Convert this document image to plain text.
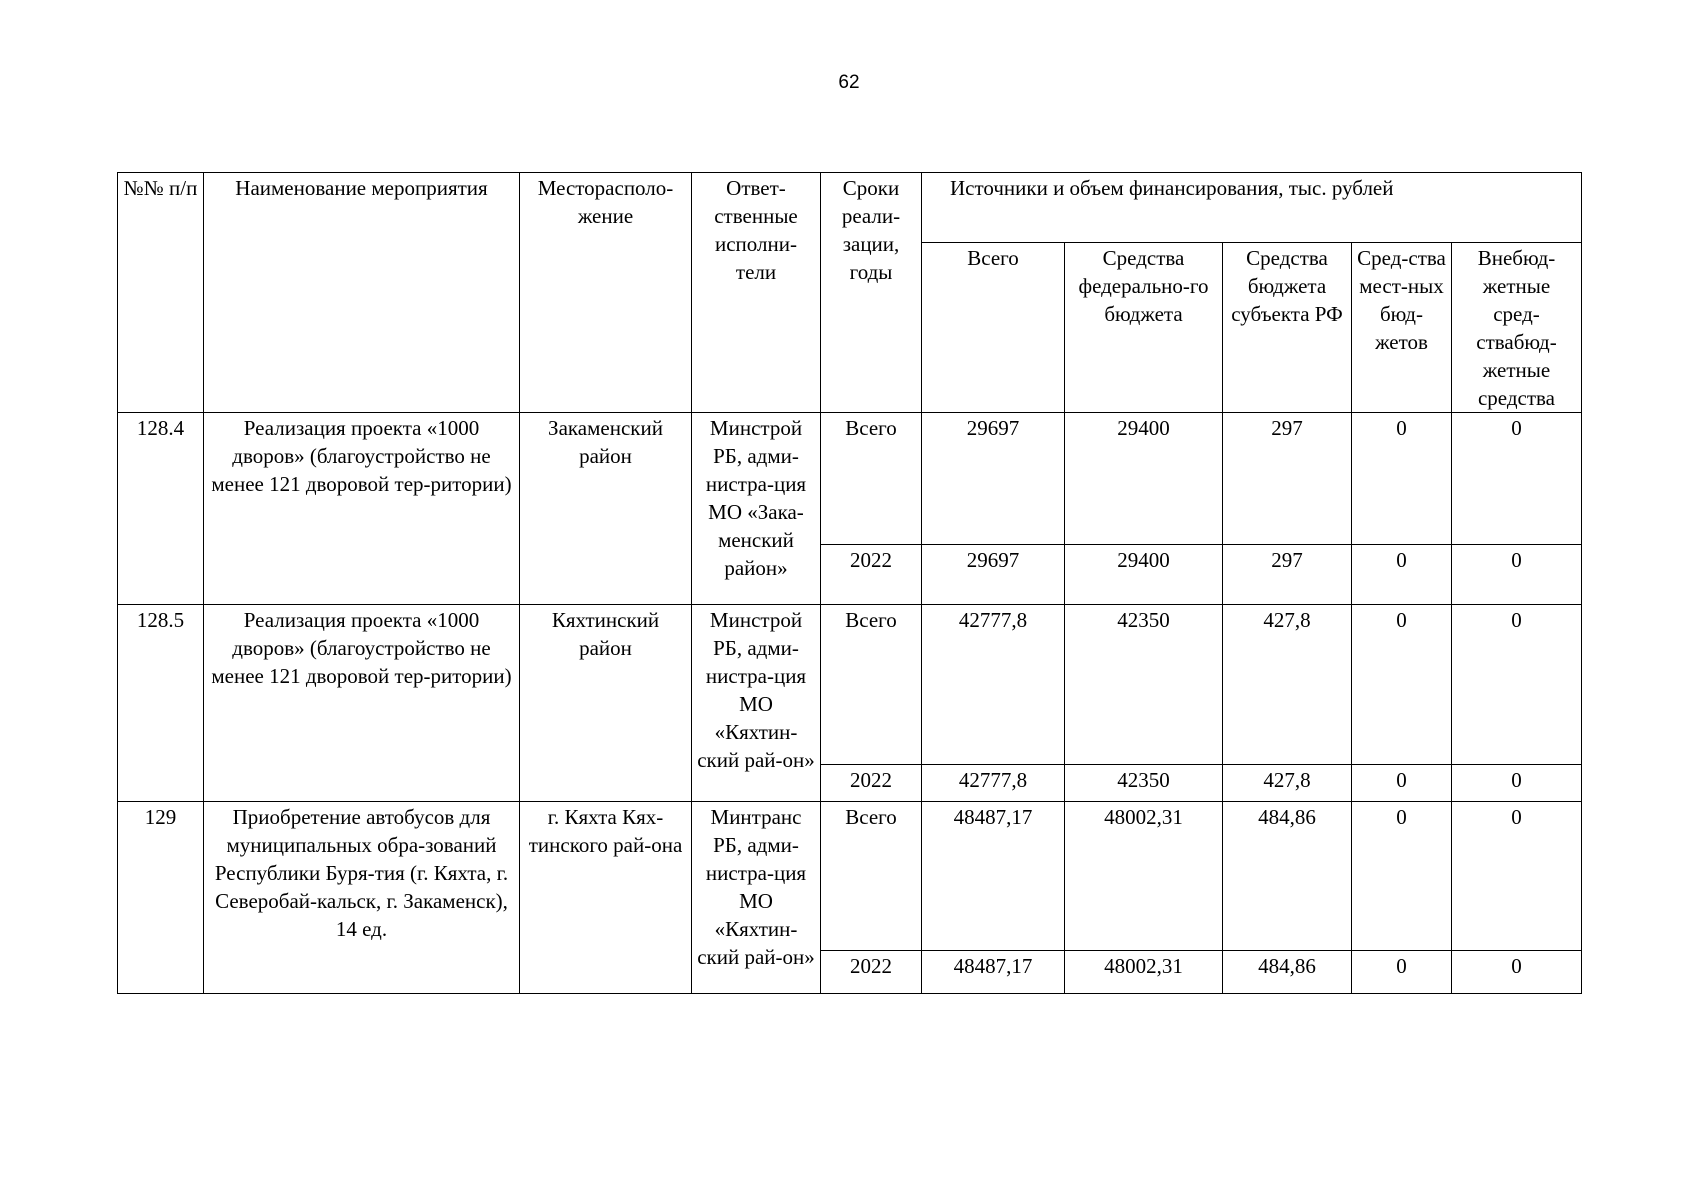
62
№№ п/п	Наименование мероприятия	Месторасполо-жение	Ответ-ственные исполни-тели	Сроки реали-зации, годы	Источники и объем финансирования, тыс. рублей				
					Всего	Средства федерально-го бюджета	Средства бюджета субъекта РФ	Сред-ства мест-ных бюд-жетов	Внебюд-жетные сред-ствабюд-жетные средства
128.4	Реализация проекта «1000 дворов» (благоустройство не менее 121 дворовой тер-ритории)	Закаменский район	Минстрой РБ, адми-нистра-ция МО «Зака-менский район»	Всего	29697	29400	297	0	0
				2022	29697	29400	297	0	0
128.5	Реализация проекта «1000 дворов» (благоустройство не менее 121 дворовой тер-ритории)	Кяхтинский район	Минстрой РБ, адми-нистра-ция МО «Кяхтин-ский рай-он»	Всего	42777,8	42350	427,8	0	0
				2022	42777,8	42350	427,8	0	0
129	Приобретение автобусов для муниципальных обра-зований Республики Буря-тия (г. Кяхта, г. Северобай-кальск, г. Закаменск), 14 ед.	г. Кяхта Кях-тинского рай-она	Минтранс РБ, адми-нистра-ция МО «Кяхтин-ский рай-он»	Всего	48487,17	48002,31	484,86	0	0
				2022	48487,17	48002,31	484,86	0	0
